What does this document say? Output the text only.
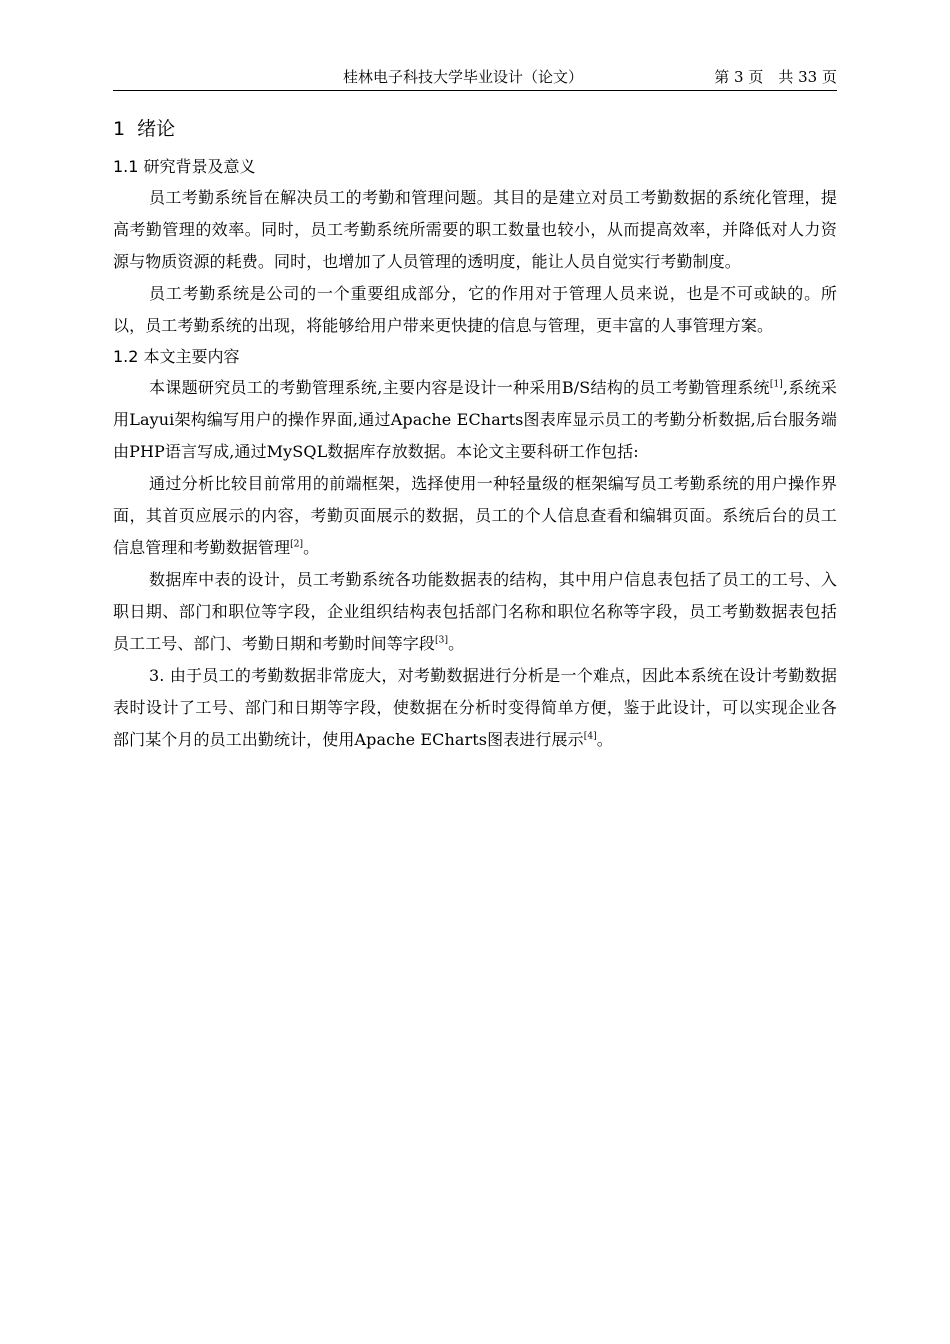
桂林电子科技大学毕业设计（论文）	第 3 页　共 33 页
1 绪论
1.1 研究背景及意义

员工考勤系统旨在解决员工的考勤和管理问题。其目的是建立对员工考勤数据的系统化管理，提高考勤管理的效率。同时，员工考勤系统所需要的职工数量也较小，从而提高效率，并降低对人力资源与物质资源的耗费。同时，也增加了人员管理的透明度，能让人员自觉实行考勤制度。

员工考勤系统是公司的一个重要组成部分，它的作用对于管理人员来说，也是不可或缺的。所以，员工考勤系统的出现，将能够给用户带来更快捷的信息与管理，更丰富的人事管理方案。

1.2 本文主要内容

本课题研究员工的考勤管理系统,主要内容是设计一种采用B/S结构的员工考勤管理系统[1],系统采用Layui架构编写用户的操作界面,通过Apache ECharts图表库显示员工的考勤分析数据,后台服务端由PHP语言写成,通过MySQL数据库存放数据。本论文主要科研工作包括:

通过分析比较目前常用的前端框架，选择使用一种轻量级的框架编写员工考勤系统的用户操作界面，其首页应展示的内容，考勤页面展示的数据，员工的个人信息查看和编辑页面。系统后台的员工信息管理和考勤数据管理[2]。

数据库中表的设计，员工考勤系统各功能数据表的结构，其中用户信息表包括了员工的工号、入职日期、部门和职位等字段，企业组织结构表包括部门名称和职位名称等字段，员工考勤数据表包括员工工号、部门、考勤日期和考勤时间等字段[3]。

3. 由于员工的考勤数据非常庞大，对考勤数据进行分析是一个难点，因此本系统在设计考勤数据表时设计了工号、部门和日期等字段，使数据在分析时变得简单方便，鉴于此设计，可以实现企业各部门某个月的员工出勤统计，使用Apache ECharts图表进行展示[4]。
